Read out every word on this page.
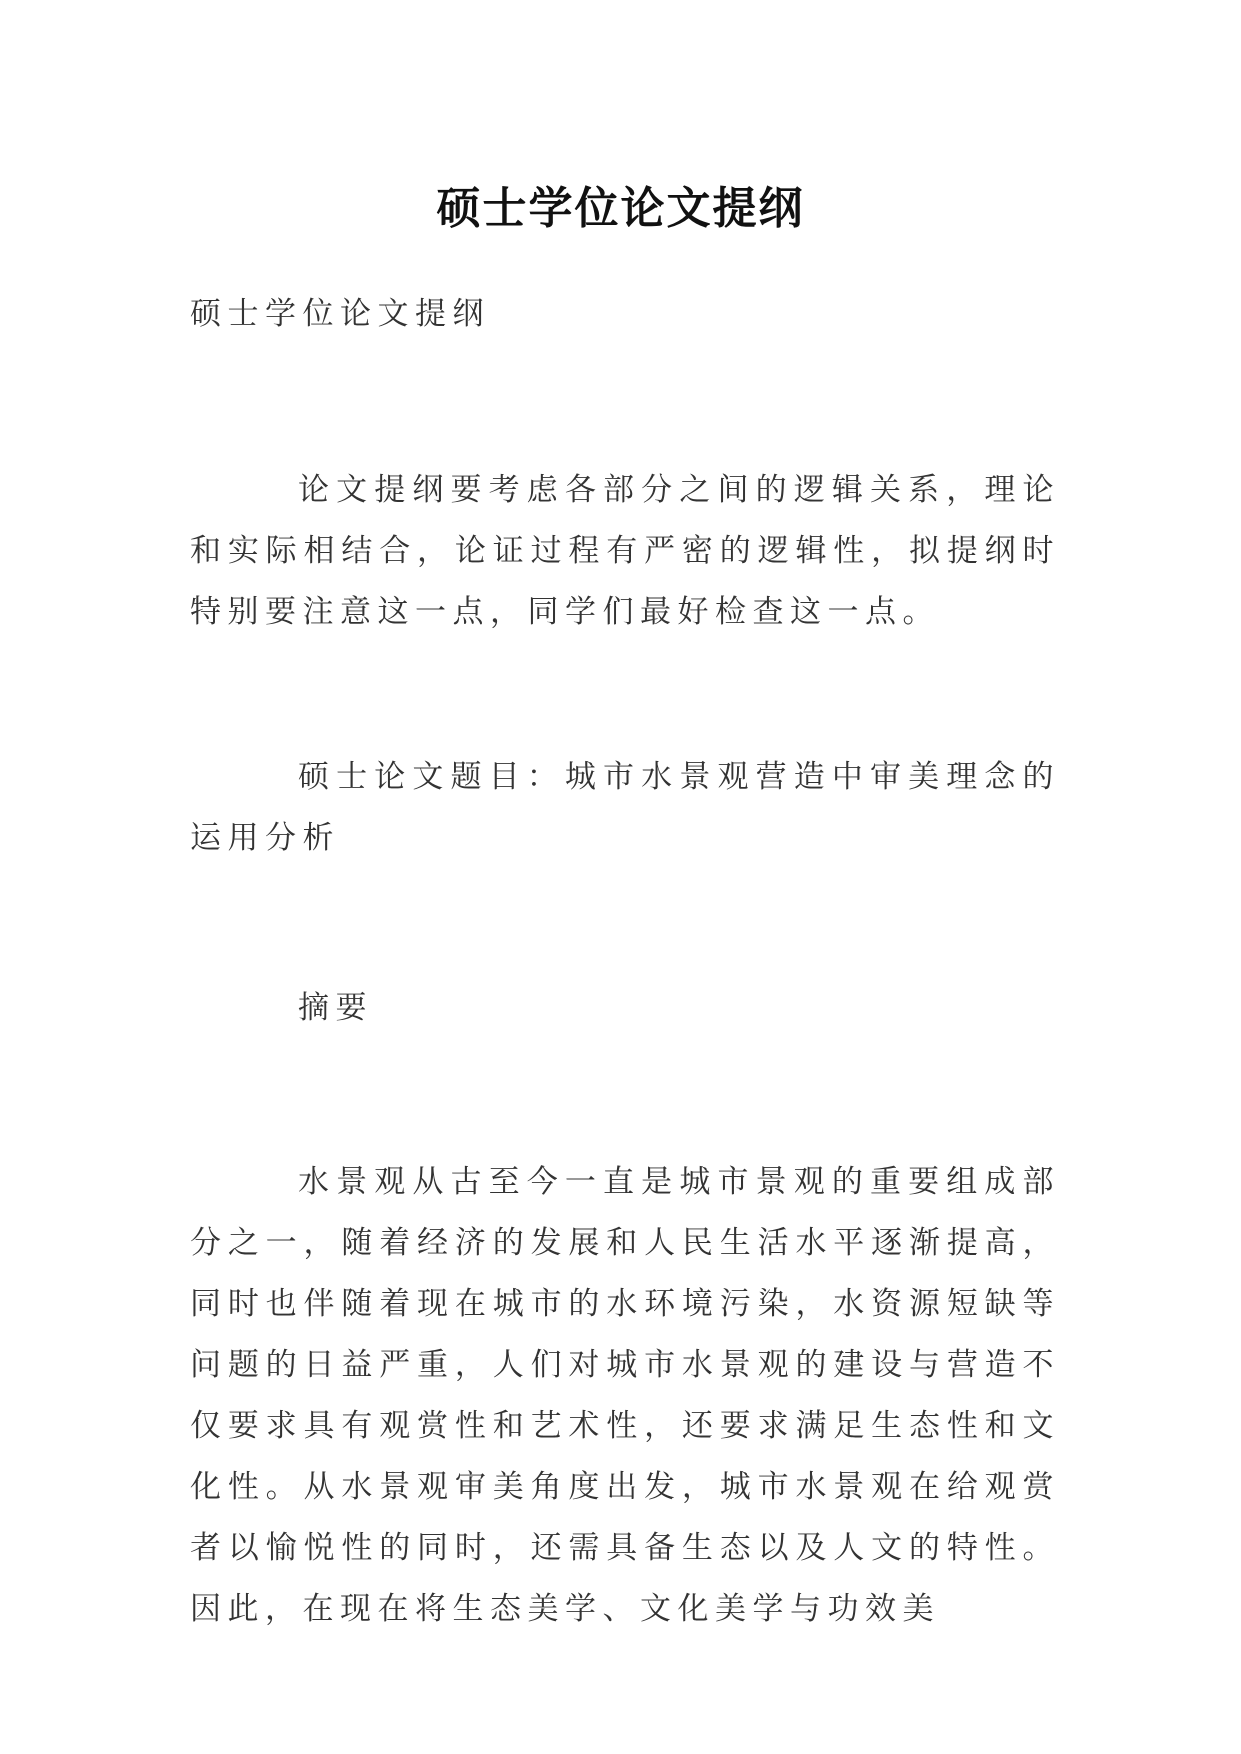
硕士学位论文提纲

硕士学位论文提纲

论文提纲要考虑各部分之间的逻辑关系，理论和实际相结合，论证过程有严密的逻辑性，拟提纲时特别要注意这一点，同学们最好检查这一点。

硕士论文题目：城市水景观营造中审美理念的运用分析

摘要

水景观从古至今一直是城市景观的重要组成部分之一，随着经济的发展和人民生活水平逐渐提高，同时也伴随着现在城市的水环境污染，水资源短缺等问题的日益严重，人们对城市水景观的建设与营造不仅要求具有观赏性和艺术性，还要求满足生态性和文化性。从水景观审美角度出发，城市水景观在给观赏者以愉悦性的同时，还需具备生态以及人文的特性。因此，在现在将生态美学、文化美学与功效美
